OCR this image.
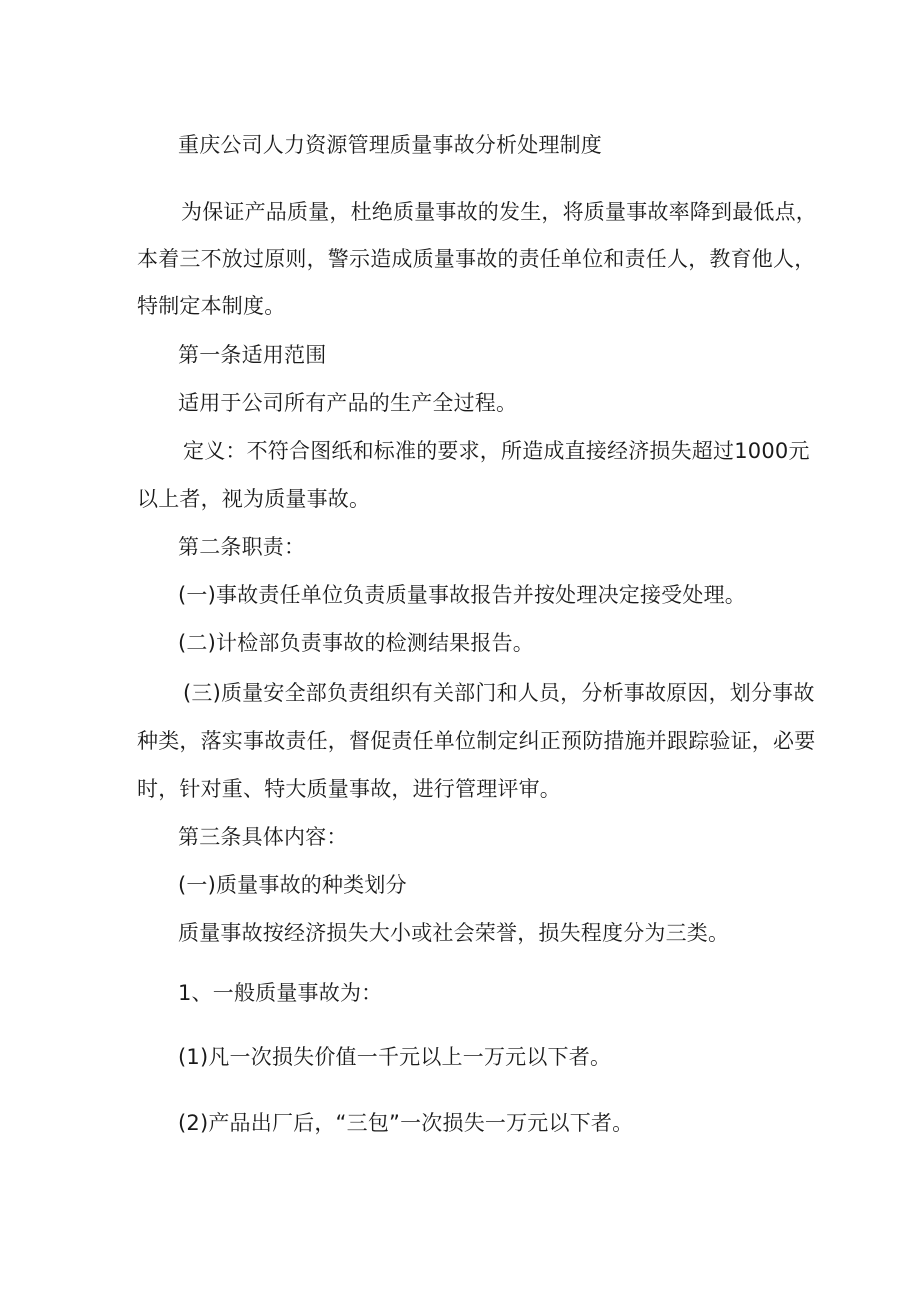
重庆公司人力资源管理质量事故分析处理制度
为保证产品质量，杜绝质量事故的发生，将质量事故率降到最低点，
本着三不放过原则，警示造成质量事故的责任单位和责任人，教育他人，
特制定本制度。
第一条适用范围
适用于公司所有产品的生产全过程。
定义：不符合图纸和标准的要求，所造成直接经济损失超过1000元
以上者，视为质量事故。
第二条职责：
(一)事故责任单位负责质量事故报告并按处理决定接受处理。
(二)计检部负责事故的检测结果报告。
(三)质量安全部负责组织有关部门和人员，分析事故原因，划分事故
种类，落实事故责任，督促责任单位制定纠正预防措施并跟踪验证，必要
时，针对重、特大质量事故，进行管理评审。
第三条具体内容：
(一)质量事故的种类划分
质量事故按经济损失大小或社会荣誉，损失程度分为三类。
1、一般质量事故为：
(1)凡一次损失价值一千元以上一万元以下者。
(2)产品出厂后，“三包”一次损失一万元以下者。
